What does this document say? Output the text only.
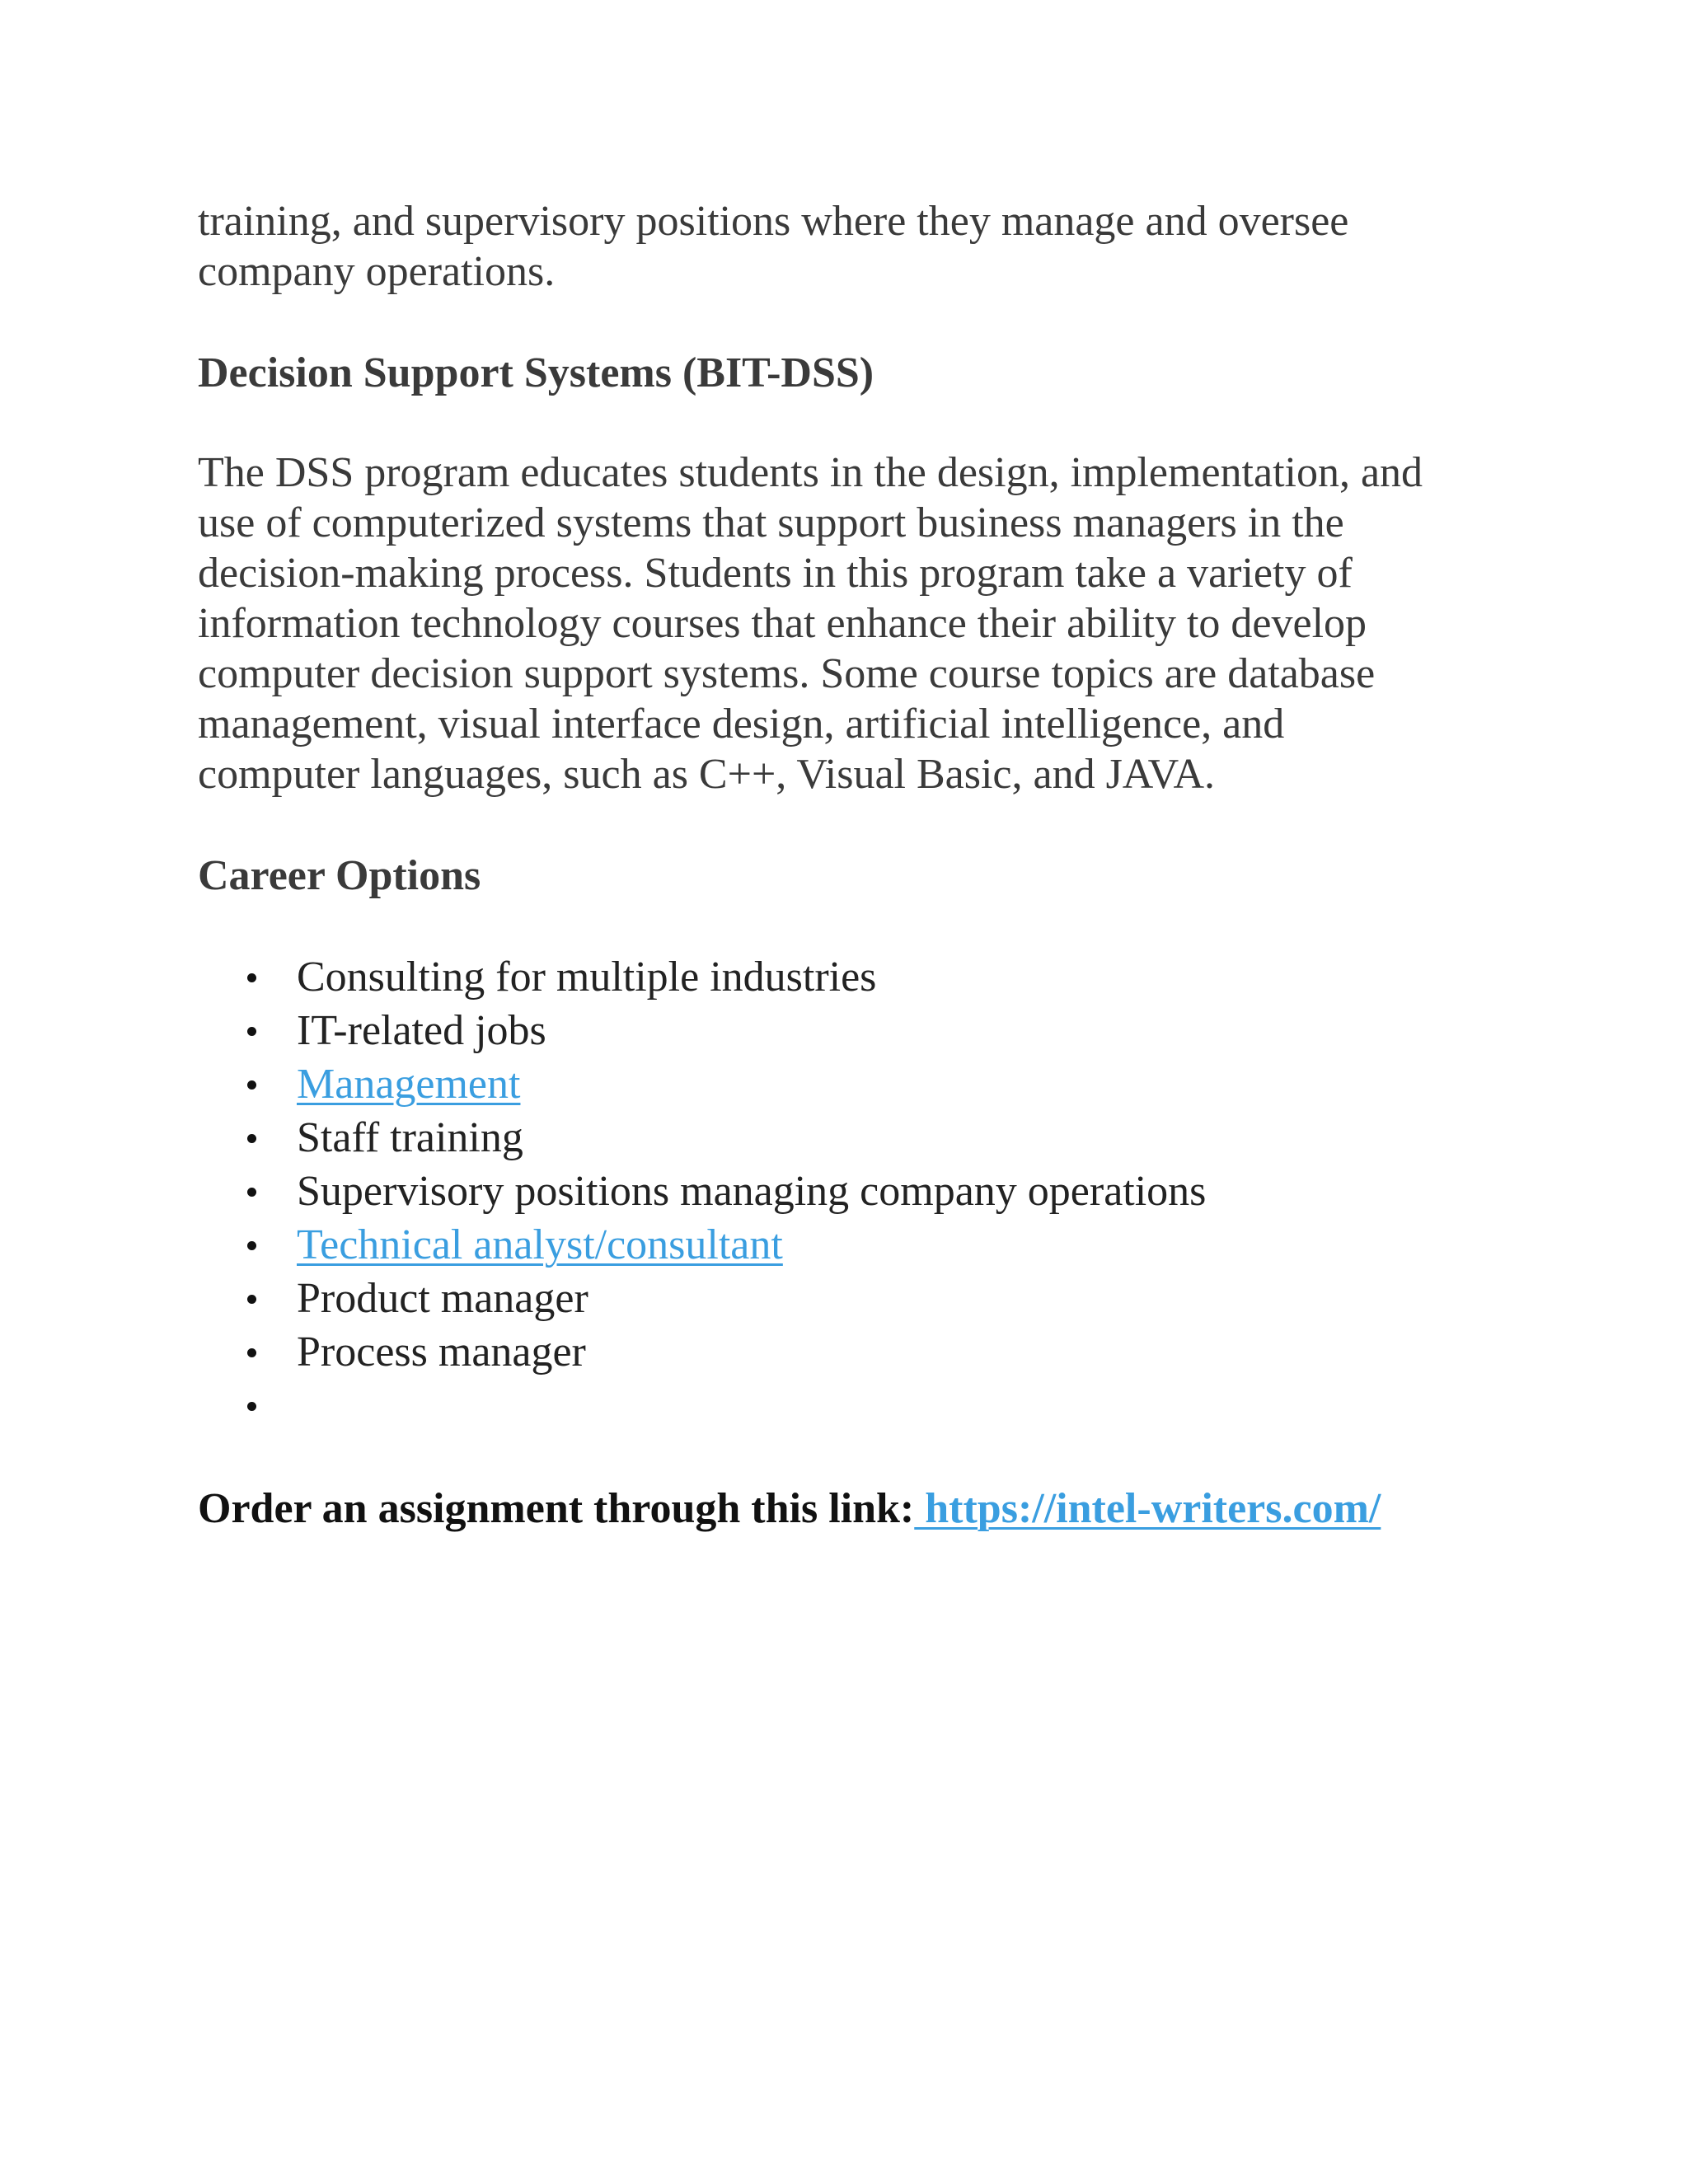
training, and supervisory positions where they manage and oversee
company operations.

Decision Support Systems (BIT-DSS)

The DSS program educates students in the design, implementation, and
use of computerized systems that support business managers in the
decision-making process. Students in this program take a variety of
information technology courses that enhance their ability to develop
computer decision support systems. Some course topics are database
management, visual interface design, artificial intelligence, and
computer languages, such as C++, Visual Basic, and JAVA.

Career Options
Consulting for multiple industries
IT-related jobs
Management
Staff training
Supervisory positions managing company operations
Technical analyst/consultant
Product manager
Process manager

Order an assignment through this link: https://intel-writers.com/
